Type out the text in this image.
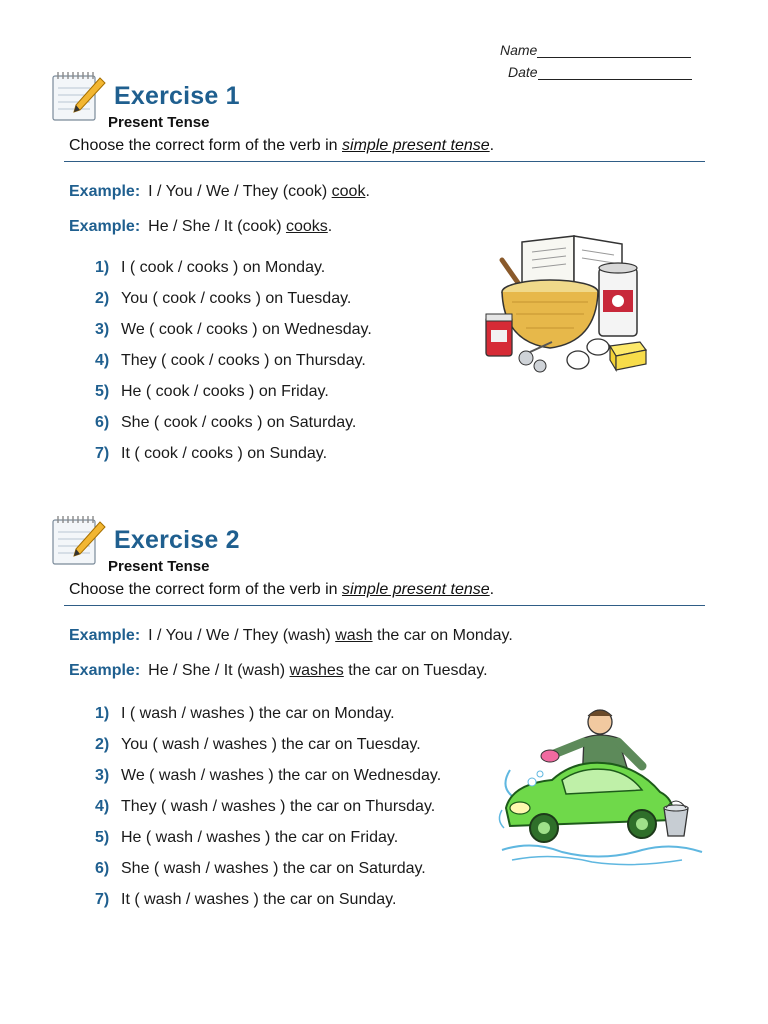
Name
Date
Exercise 1
Present Tense
Choose the correct form of the verb in simple present tense.
Example: I / You / We / They (cook) cook.
Example: He / She / It (cook) cooks.
1) I ( cook / cooks ) on Monday.
2) You ( cook / cooks ) on Tuesday.
3) We ( cook / cooks ) on Wednesday.
4) They ( cook / cooks ) on Thursday.
5) He ( cook / cooks ) on Friday.
6) She ( cook / cooks ) on Saturday.
7) It ( cook / cooks ) on Sunday.
Exercise 2
Present Tense
Choose the correct form of the verb in simple present tense.
Example: I / You / We / They (wash) wash the car on Monday.
Example: He / She / It (wash) washes the car on Tuesday.
1) I ( wash / washes ) the car on Monday.
2) You ( wash / washes ) the car on Tuesday.
3) We ( wash / washes ) the car on Wednesday.
4) They ( wash / washes ) the car on Thursday.
5) He ( wash / washes ) the car on Friday.
6) She ( wash / washes ) the car on Saturday.
7) It ( wash / washes ) the car on Sunday.
